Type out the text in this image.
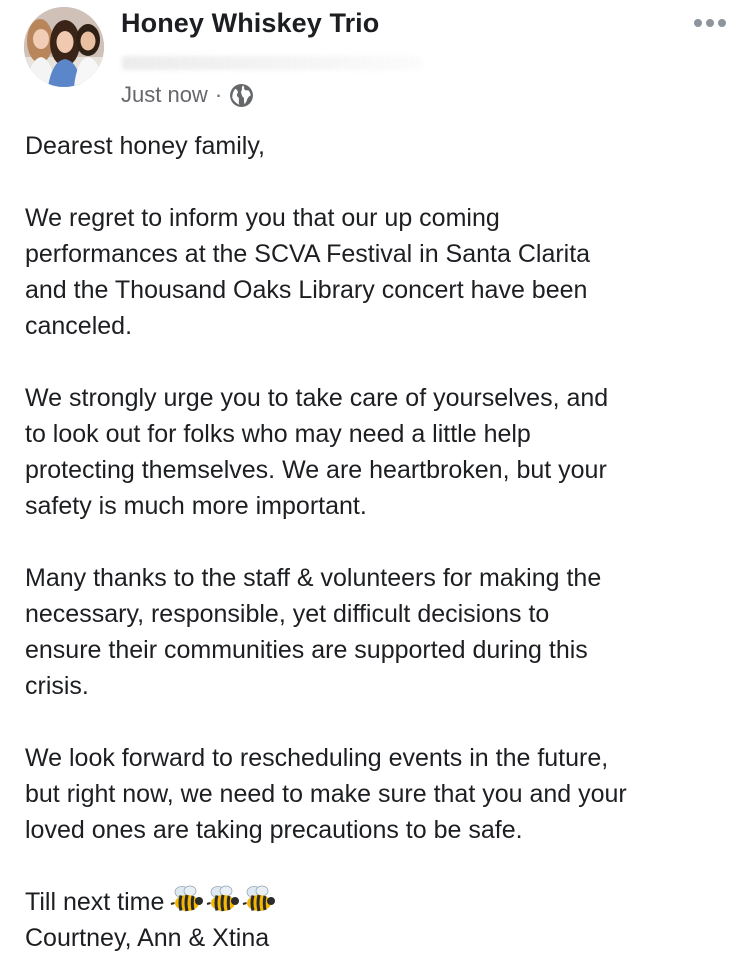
Honey Whiskey Trio
Just now ·
Dearest honey family,
We regret to inform you that our up coming
performances at the SCVA Festival in Santa Clarita
and the Thousand Oaks Library concert have been
canceled.
We strongly urge you to take care of yourselves, and
to look out for folks who may need a little help
protecting themselves. We are heartbroken, but your
safety is much more important.
Many thanks to the staff & volunteers for making the
necessary, responsible, yet difficult decisions to
ensure their communities are supported during this
crisis.
We look forward to rescheduling events in the future,
but right now, we need to make sure that you and your
loved ones are taking precautions to be safe.
Till next time
Courtney, Ann & Xtina
